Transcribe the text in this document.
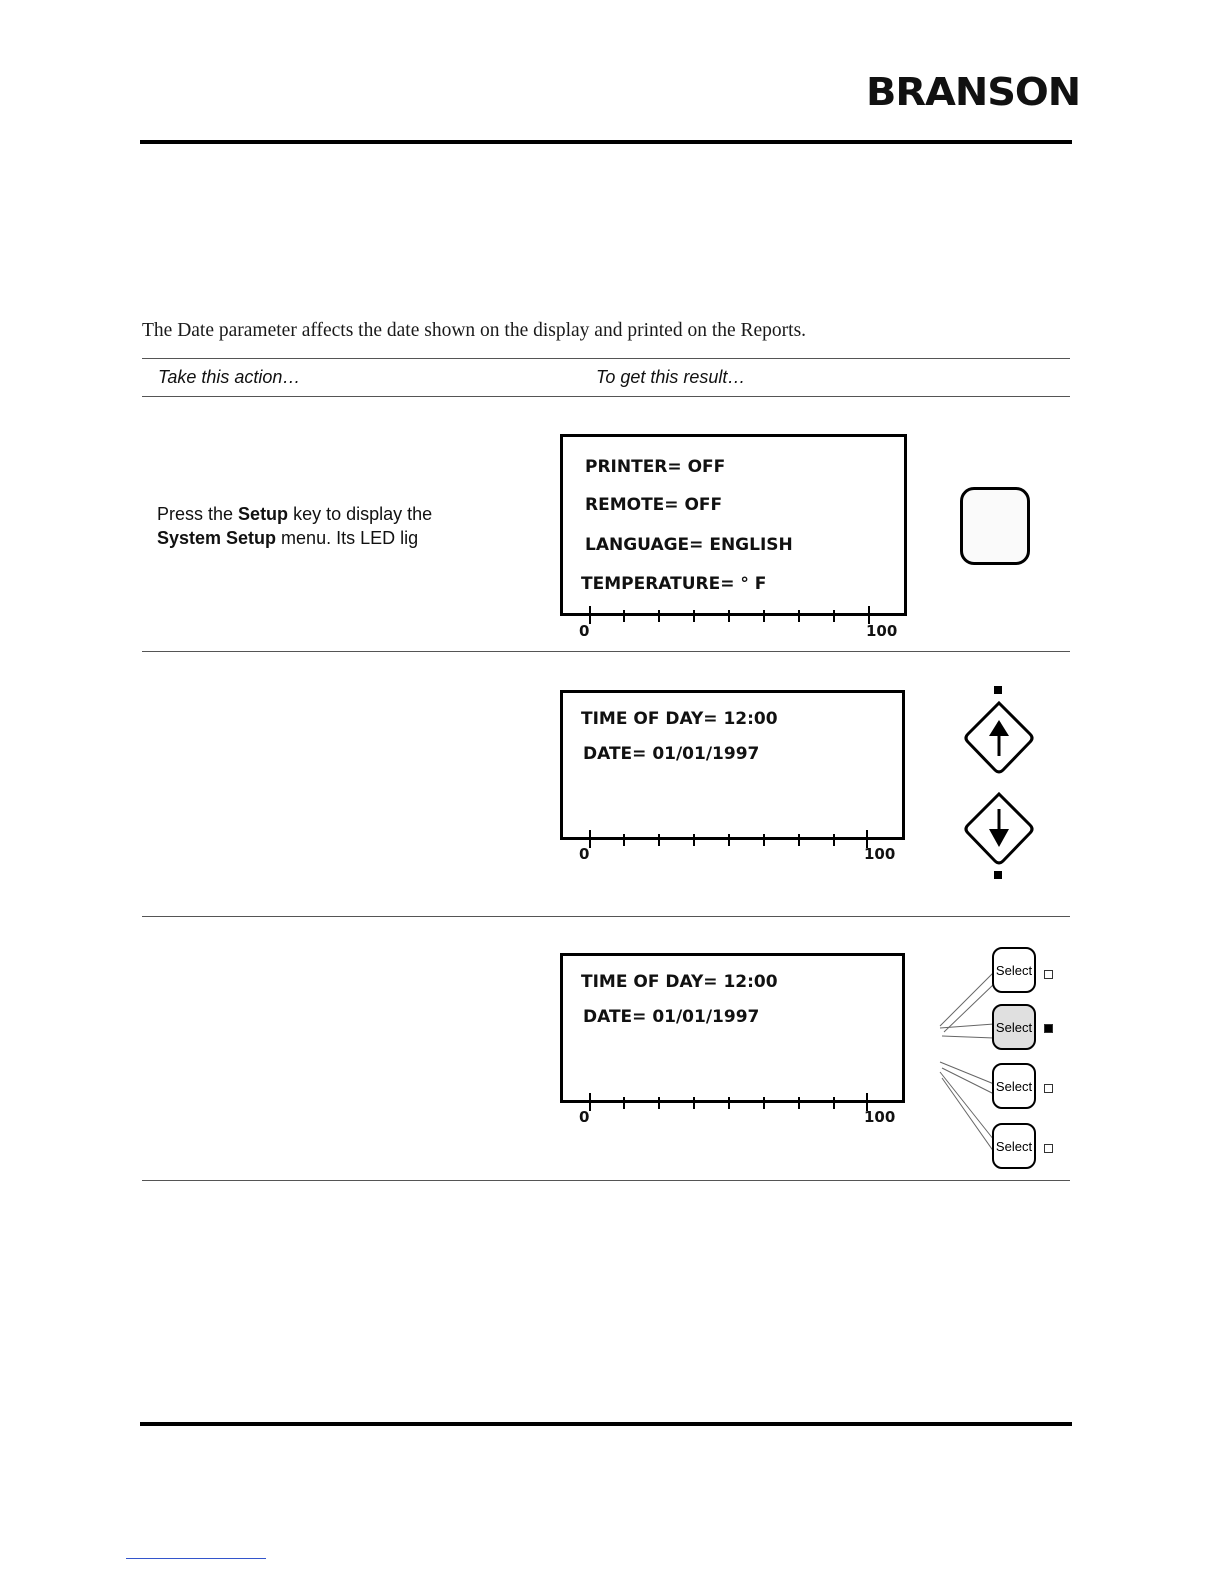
BRANSON
The Date parameter affects the date shown on the display and printed on the Reports.
Take this action…	To get this result…
Press the Setup key to display the
System Setup menu. Its LED lig
PRINTER= OFF
REMOTE= OFF
LANGUAGE= ENGLISH
TEMPERATURE= ° F
0	100
TIME OF DAY= 12:00
DATE= 01/01/1997
0	100
TIME OF DAY= 12:00
DATE= 01/01/1997
0	100
Select
Select
Select
Select
